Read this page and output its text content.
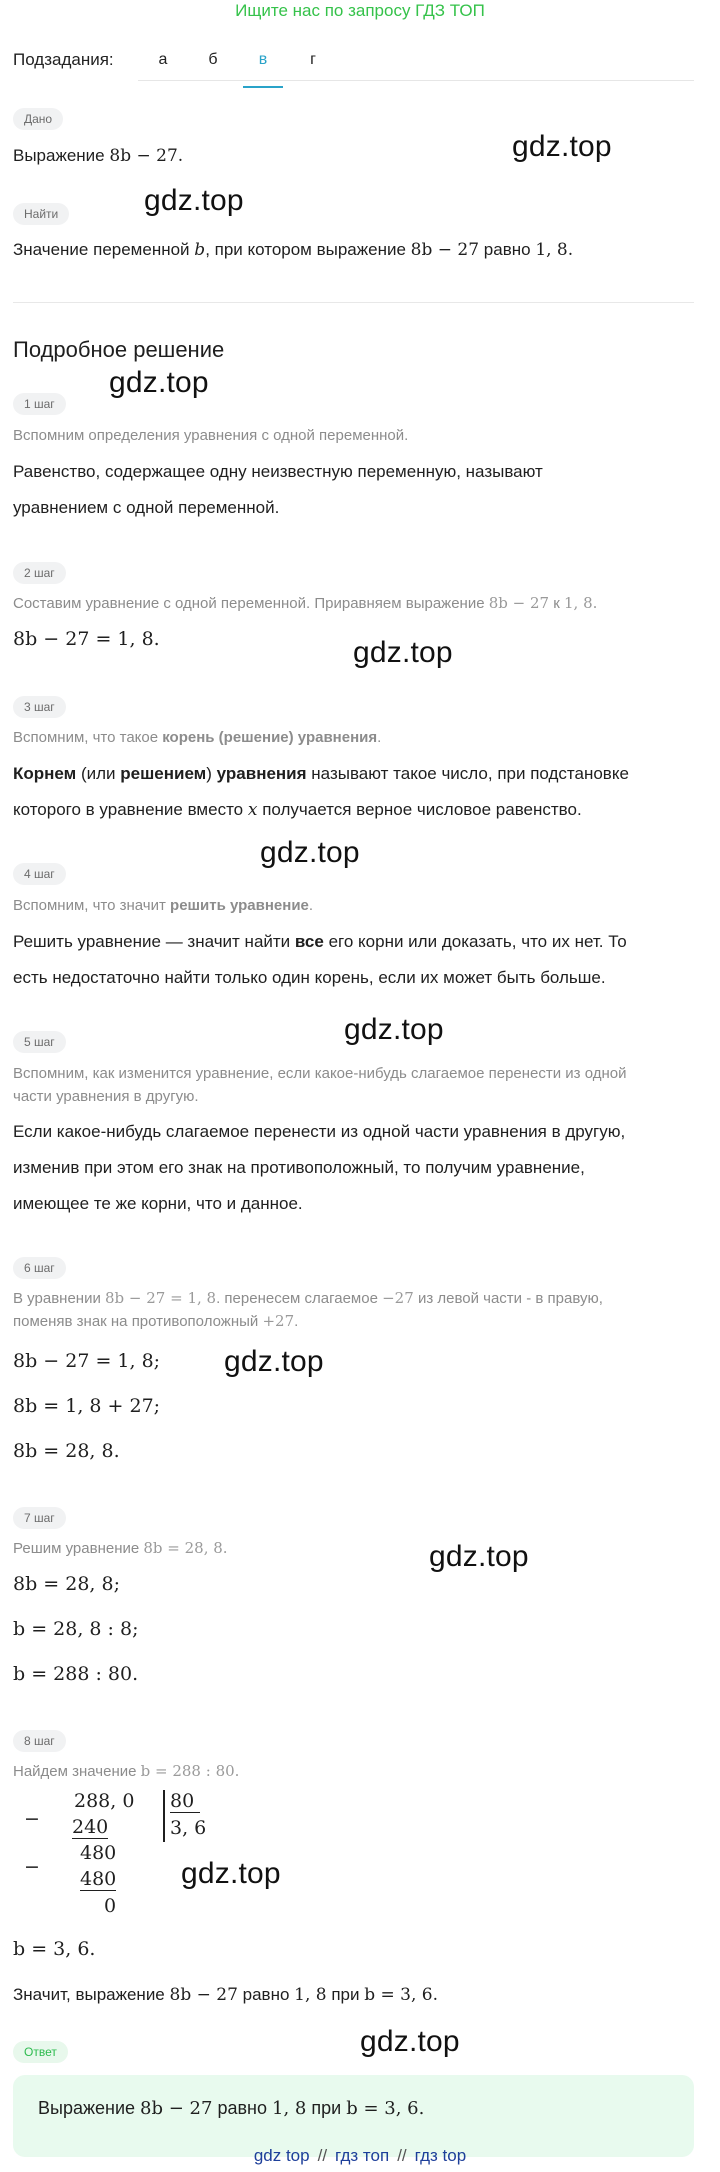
Ищите нас по запросу ГДЗ ТОП
Подзадания:	а	б	в	г
Дано
Выражение 8b − 27.
Найти
Значение переменной b, при котором выражение 8b − 27 равно 1, 8.
Подробное решение
1 шаг
Вспомним определения уравнения с одной переменной.
Равенство, содержащее одну неизвестную переменную, называют
уравнением с одной переменной.
2 шаг
Составим уравнение с одной переменной. Приравняем выражение 8b − 27 к 1, 8.
8b − 27 = 1, 8.
3 шаг
Вспомним, что такое корень (решение) уравнения.
Корнем (или решением) уравнения называют такое число, при подстановке
которого в уравнение вместо x получается верное числовое равенство.
4 шаг
Вспомним, что значит решить уравнение.
Решить уравнение — значит найти все его корни или доказать, что их нет. То
есть недостаточно найти только один корень, если их может быть больше.
5 шаг
Вспомним, как изменится уравнение, если какое-нибудь слагаемое перенести из одной
части уравнения в другую.
Если какое-нибудь слагаемое перенести из одной части уравнения в другую,
изменив при этом его знак на противоположный, то получим уравнение,
имеющее те же корни, что и данное.
6 шаг
В уравнении 8b − 27 = 1, 8. перенесем слагаемое −27 из левой части - в правую,
поменяв знак на противоположный +27.
8b − 27 = 1, 8;
8b = 1, 8 + 27;
8b = 28, 8.
7 шаг
Решим уравнение 8b = 28, 8.
8b = 28, 8;
b = 28, 8 : 8;
b = 288 : 80.
8 шаг
Найдем значение b = 288 : 80.
−
288, 0
240
−
480
480
0
80
3, 6
b = 3, 6.
Значит, выражение 8b − 27 равно 1, 8 при b = 3, 6.
Ответ
Выражение 8b − 27 равно 1, 8 при b = 3, 6.
gdz.top
gdz.top
gdz.top
gdz.top
gdz.top
gdz.top
gdz.top
gdz.top
gdz.top
gdz.top
gdz top // гдз топ // гдз top
